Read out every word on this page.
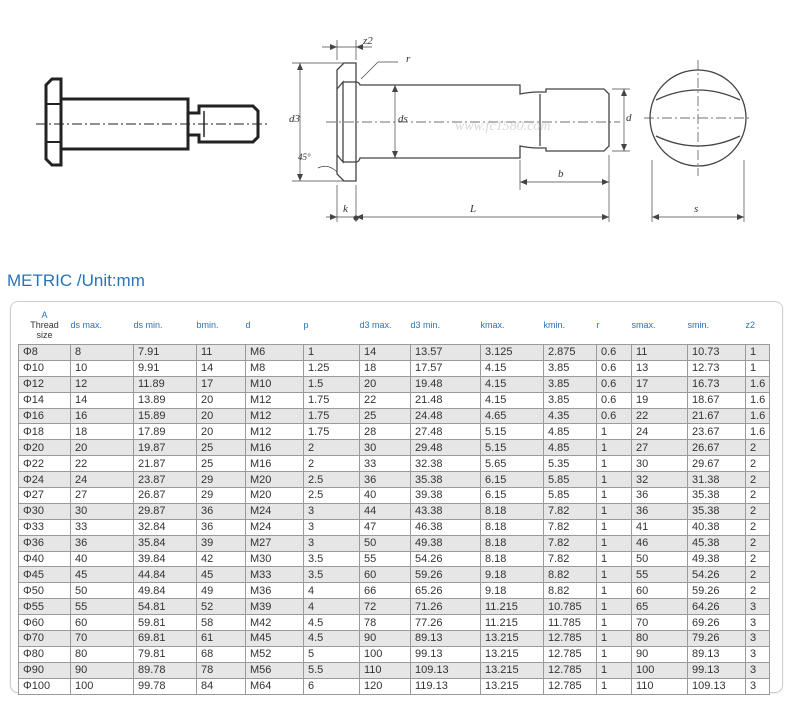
z2
r
d3	ds	d
45°
b
k	L	s
www.fc1580.com
METRIC /Unit:mm
A
Thread
size	ds max.	ds min.	bmin.	d	p	d3 max.	d3 min.	kmax.	kmin.	r	smax.	smin.	z2
Φ8	8	7.91	11	M6	1	14	13.57	3.125	2.875	0.6	11	10.73	1
Φ10	10	9.91	14	M8	1.25	18	17.57	4.15	3.85	0.6	13	12.73	1
Φ12	12	11.89	17	M10	1.5	20	19.48	4.15	3.85	0.6	17	16.73	1.6
Φ14	14	13.89	20	M12	1.75	22	21.48	4.15	3.85	0.6	19	18.67	1.6
Φ16	16	15.89	20	M12	1.75	25	24.48	4.65	4.35	0.6	22	21.67	1.6
Φ18	18	17.89	20	M12	1.75	28	27.48	5.15	4.85	1	24	23.67	1.6
Φ20	20	19.87	25	M16	2	30	29.48	5.15	4.85	1	27	26.67	2
Φ22	22	21.87	25	M16	2	33	32.38	5.65	5.35	1	30	29.67	2
Φ24	24	23.87	29	M20	2.5	36	35.38	6.15	5.85	1	32	31.38	2
Φ27	27	26.87	29	M20	2.5	40	39.38	6.15	5.85	1	36	35.38	2
Φ30	30	29.87	36	M24	3	44	43.38	8.18	7.82	1	36	35.38	2
Φ33	33	32.84	36	M24	3	47	46.38	8.18	7.82	1	41	40.38	2
Φ36	36	35.84	39	M27	3	50	49.38	8.18	7.82	1	46	45.38	2
Φ40	40	39.84	42	M30	3.5	55	54.26	8.18	7.82	1	50	49.38	2
Φ45	45	44.84	45	M33	3.5	60	59.26	9.18	8.82	1	55	54.26	2
Φ50	50	49.84	49	M36	4	66	65.26	9.18	8.82	1	60	59.26	2
Φ55	55	54.81	52	M39	4	72	71.26	11.215	10.785	1	65	64.26	3
Φ60	60	59.81	58	M42	4.5	78	77.26	11.215	11.785	1	70	69.26	3
Φ70	70	69.81	61	M45	4.5	90	89.13	13.215	12.785	1	80	79.26	3
Φ80	80	79.81	68	M52	5	100	99.13	13.215	12.785	1	90	89.13	3
Φ90	90	89.78	78	M56	5.5	110	109.13	13.215	12.785	1	100	99.13	3
Φ100	100	99.78	84	M64	6	120	119.13	13.215	12.785	1	110	109.13	3
